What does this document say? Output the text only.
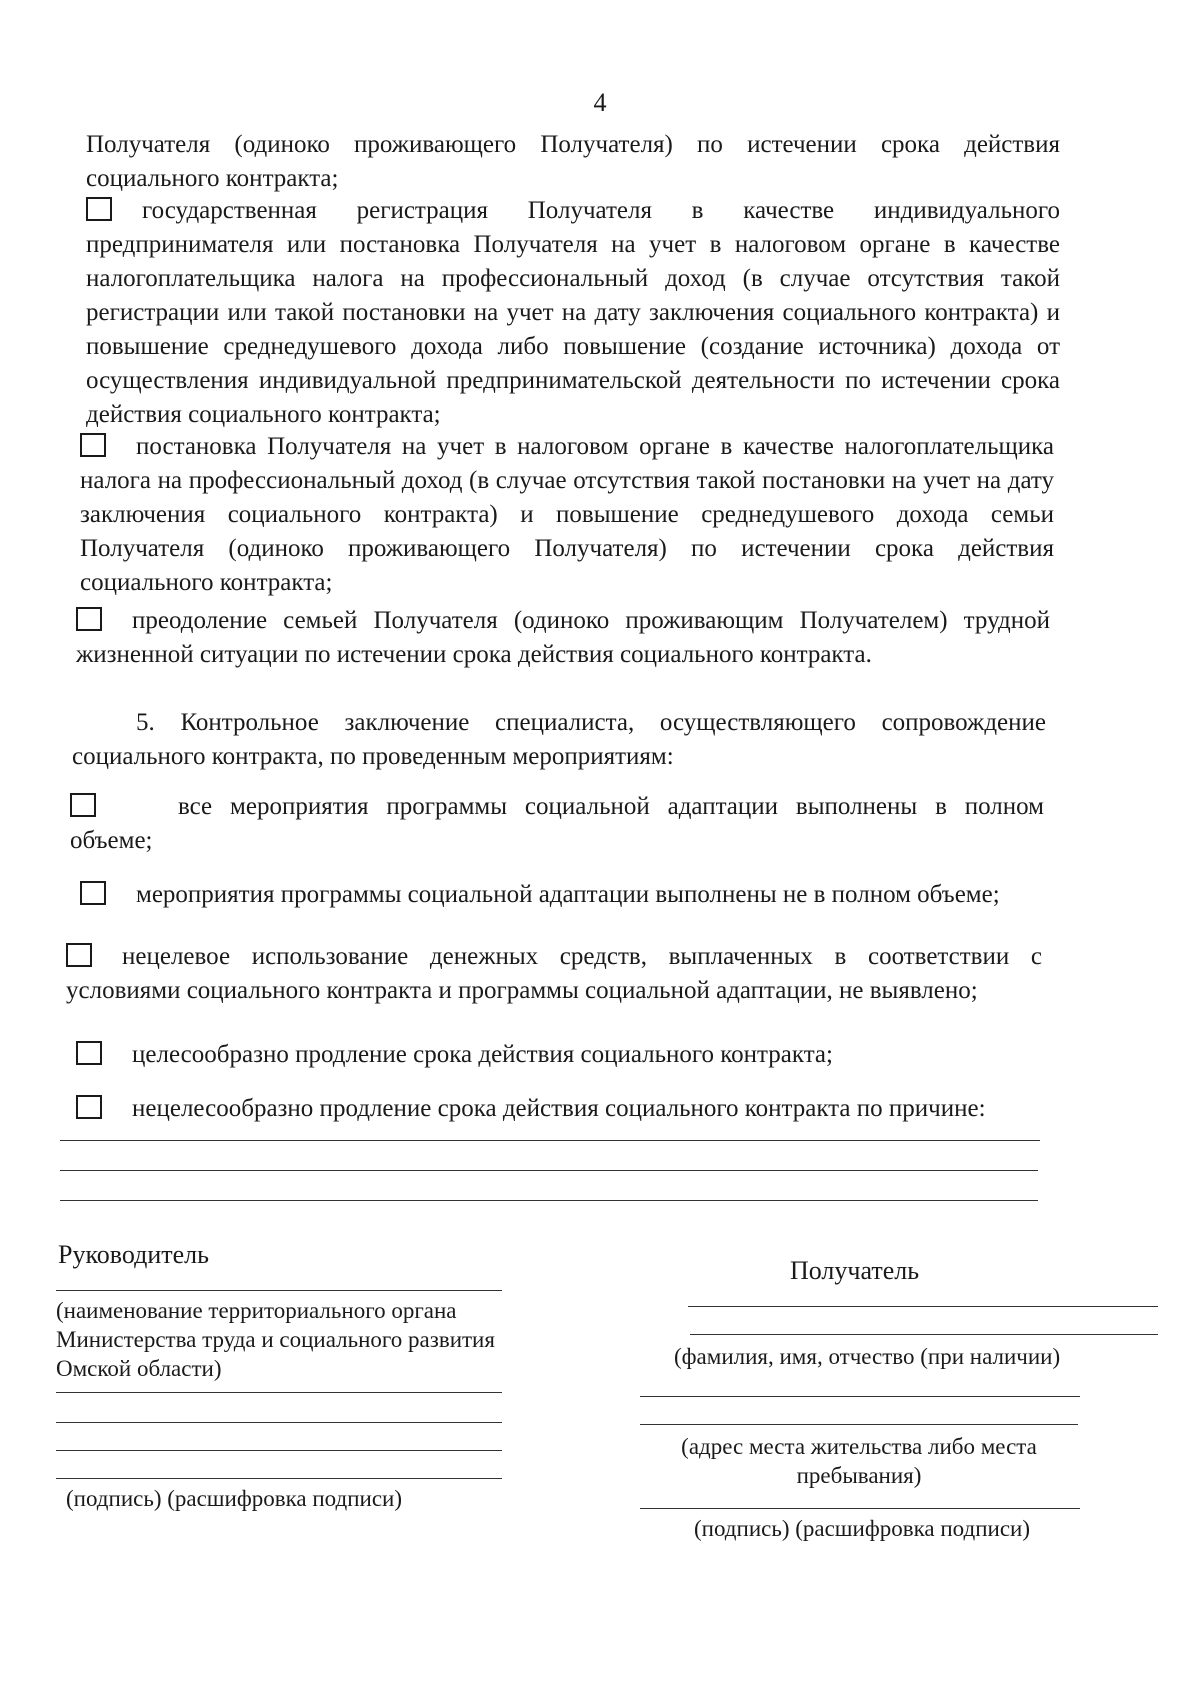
4

Получателя (одиноко проживающего Получателя) по истечении срока действия социального контракта;

государственная регистрация Получателя в качестве индивидуального предпринимателя или постановка Получателя на учет в налоговом органе в качестве налогоплательщика налога на профессиональный доход (в случае отсутствия такой регистрации или такой постановки на учет на дату заключения социального контракта) и повышение среднедушевого дохода либо повышение (создание источника) дохода от осуществления индивидуальной предпринимательской деятельности по истечении срока действия социального контракта;

постановка Получателя на учет в налоговом органе в качестве налогоплательщика налога на профессиональный доход (в случае отсутствия такой постановки на учет на дату заключения социального контракта) и повышение среднедушевого дохода семьи Получателя (одиноко проживающего Получателя) по истечении срока действия социального контракта;

преодоление семьей Получателя (одиноко проживающим Получателем) трудной жизненной ситуации по истечении срока действия социального контракта.

5. Контрольное заключение специалиста, осуществляющего сопровождение социального контракта, по проведенным мероприятиям:

все мероприятия программы социальной адаптации выполнены в полном объеме;

мероприятия программы социальной адаптации выполнены не в полном объеме;

нецелевое использование денежных средств, выплаченных в соответствии с условиями социального контракта и программы социальной адаптации, не выявлено;

целесообразно продление срока действия социального контракта;

нецелесообразно продление срока действия социального контракта по причине:

Руководитель

(наименование территориального органа Министерства труда и социального развития Омской области)

(подпись) (расшифровка подписи)

Получатель

(фамилия, имя, отчество (при наличии)

(адрес места жительства либо места пребывания)

(подпись) (расшифровка подписи)
